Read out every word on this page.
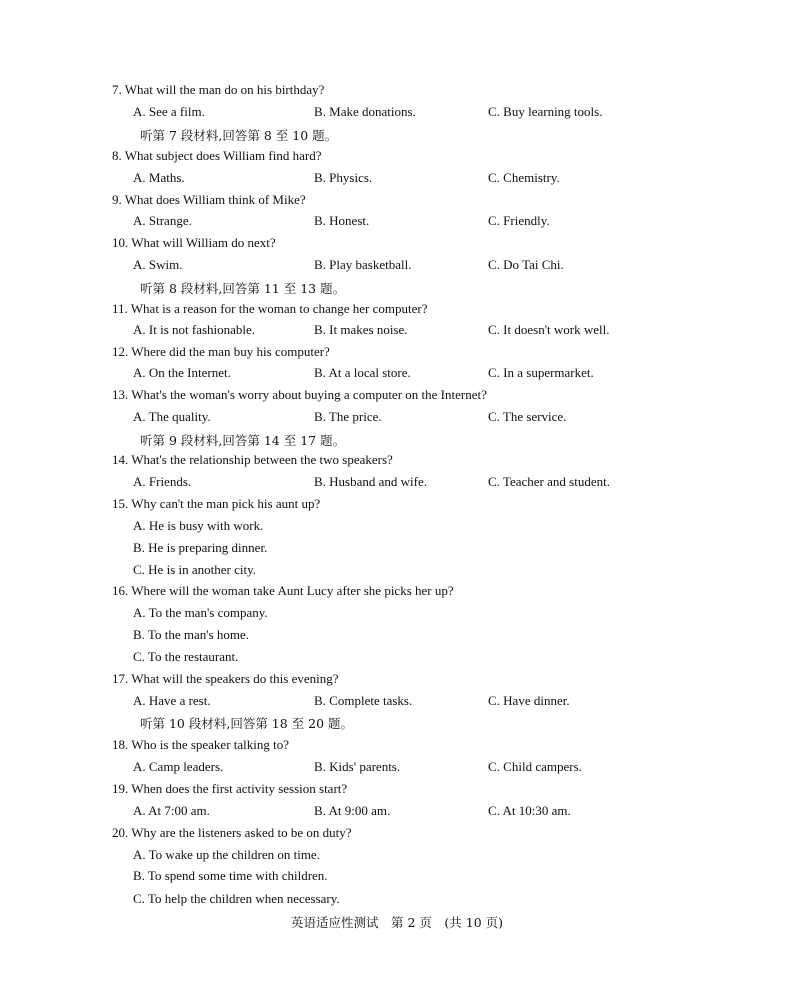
英语适应性测试　第 2 页　(共 10 页)
7. What will the man do on his birthday?
A. See a film.	B. Make donations.	C. Buy learning tools.
听第 7 段材料,回答第 8 至 10 题。
8. What subject does William find hard?
A. Maths.	B. Physics.	C. Chemistry.
9. What does William think of Mike?
A. Strange.	B. Honest.	C. Friendly.
10. What will William do next?
A. Swim.	B. Play basketball.	C. Do Tai Chi.
听第 8 段材料,回答第 11 至 13 题。
11. What is a reason for the woman to change her computer?
A. It is not fashionable.	B. It makes noise.	C. It doesn't work well.
12. Where did the man buy his computer?
A. On the Internet.	B. At a local store.	C. In a supermarket.
13. What's the woman's worry about buying a computer on the Internet?
A. The quality.	B. The price.	C. The service.
听第 9 段材料,回答第 14 至 17 题。
14. What's the relationship between the two speakers?
A. Friends.	B. Husband and wife.	C. Teacher and student.
15. Why can't the man pick his aunt up?
A. He is busy with work.
B. He is preparing dinner.
C. He is in another city.
16. Where will the woman take Aunt Lucy after she picks her up?
A. To the man's company.
B. To the man's home.
C. To the restaurant.
17. What will the speakers do this evening?
A. Have a rest.	B. Complete tasks.	C. Have dinner.
听第 10 段材料,回答第 18 至 20 题。
18. Who is the speaker talking to?
A. Camp leaders.	B. Kids' parents.	C. Child campers.
19. When does the first activity session start?
A. At 7:00 am.	B. At 9:00 am.	C. At 10:30 am.
20. Why are the listeners asked to be on duty?
A. To wake up the children on time.
B. To spend some time with children.
C. To help the children when necessary.
